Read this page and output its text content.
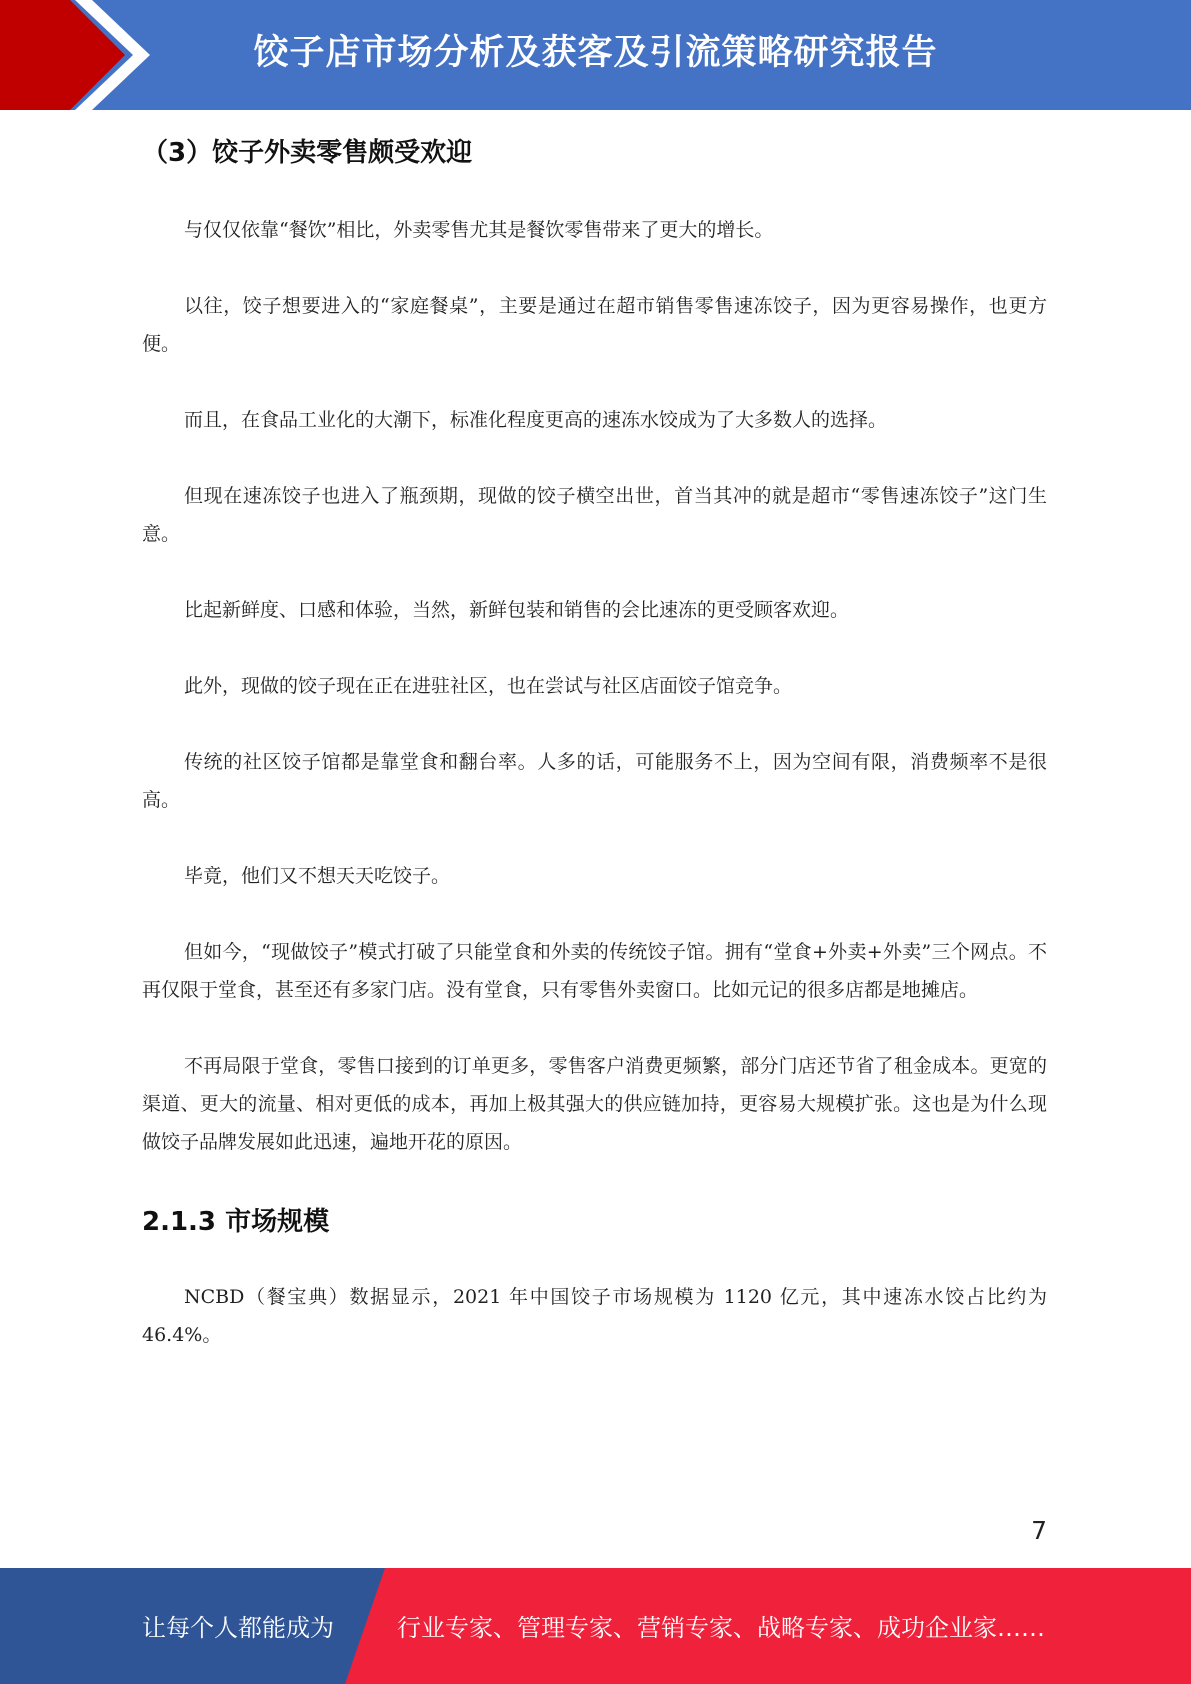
饺子店市场分析及获客及引流策略研究报告
（3）饺子外卖零售颇受欢迎

与仅仅依靠“餐饮”相比，外卖零售尤其是餐饮零售带来了更大的增长。

以往，饺子想要进入的“家庭餐桌”，主要是通过在超市销售零售速冻饺子，因为更容易操作，也更方便。

而且，在食品工业化的大潮下，标准化程度更高的速冻水饺成为了大多数人的选择。

但现在速冻饺子也进入了瓶颈期，现做的饺子横空出世，首当其冲的就是超市“零售速冻饺子”这门生意。

比起新鲜度、口感和体验，当然，新鲜包装和销售的会比速冻的更受顾客欢迎。

此外，现做的饺子现在正在进驻社区，也在尝试与社区店面饺子馆竞争。

传统的社区饺子馆都是靠堂食和翻台率。人多的话，可能服务不上，因为空间有限，消费频率不是很高。

毕竟，他们又不想天天吃饺子。

但如今，“现做饺子”模式打破了只能堂食和外卖的传统饺子馆。拥有“堂食+外卖+外卖”三个网点。不再仅限于堂食，甚至还有多家门店。没有堂食，只有零售外卖窗口。比如元记的很多店都是地摊店。

不再局限于堂食，零售口接到的订单更多，零售客户消费更频繁，部分门店还节省了租金成本。更宽的渠道、更大的流量、相对更低的成本，再加上极其强大的供应链加持，更容易大规模扩张。这也是为什么现做饺子品牌发展如此迅速，遍地开花的原因。

2.1.3 市场规模

NCBD（餐宝典）数据显示，2021 年中国饺子市场规模为 1120 亿元，其中速冻水饺占比约为 46.4%。

7
让每个人都能成为	行业专家、管理专家、营销专家、战略专家、成功企业家……
